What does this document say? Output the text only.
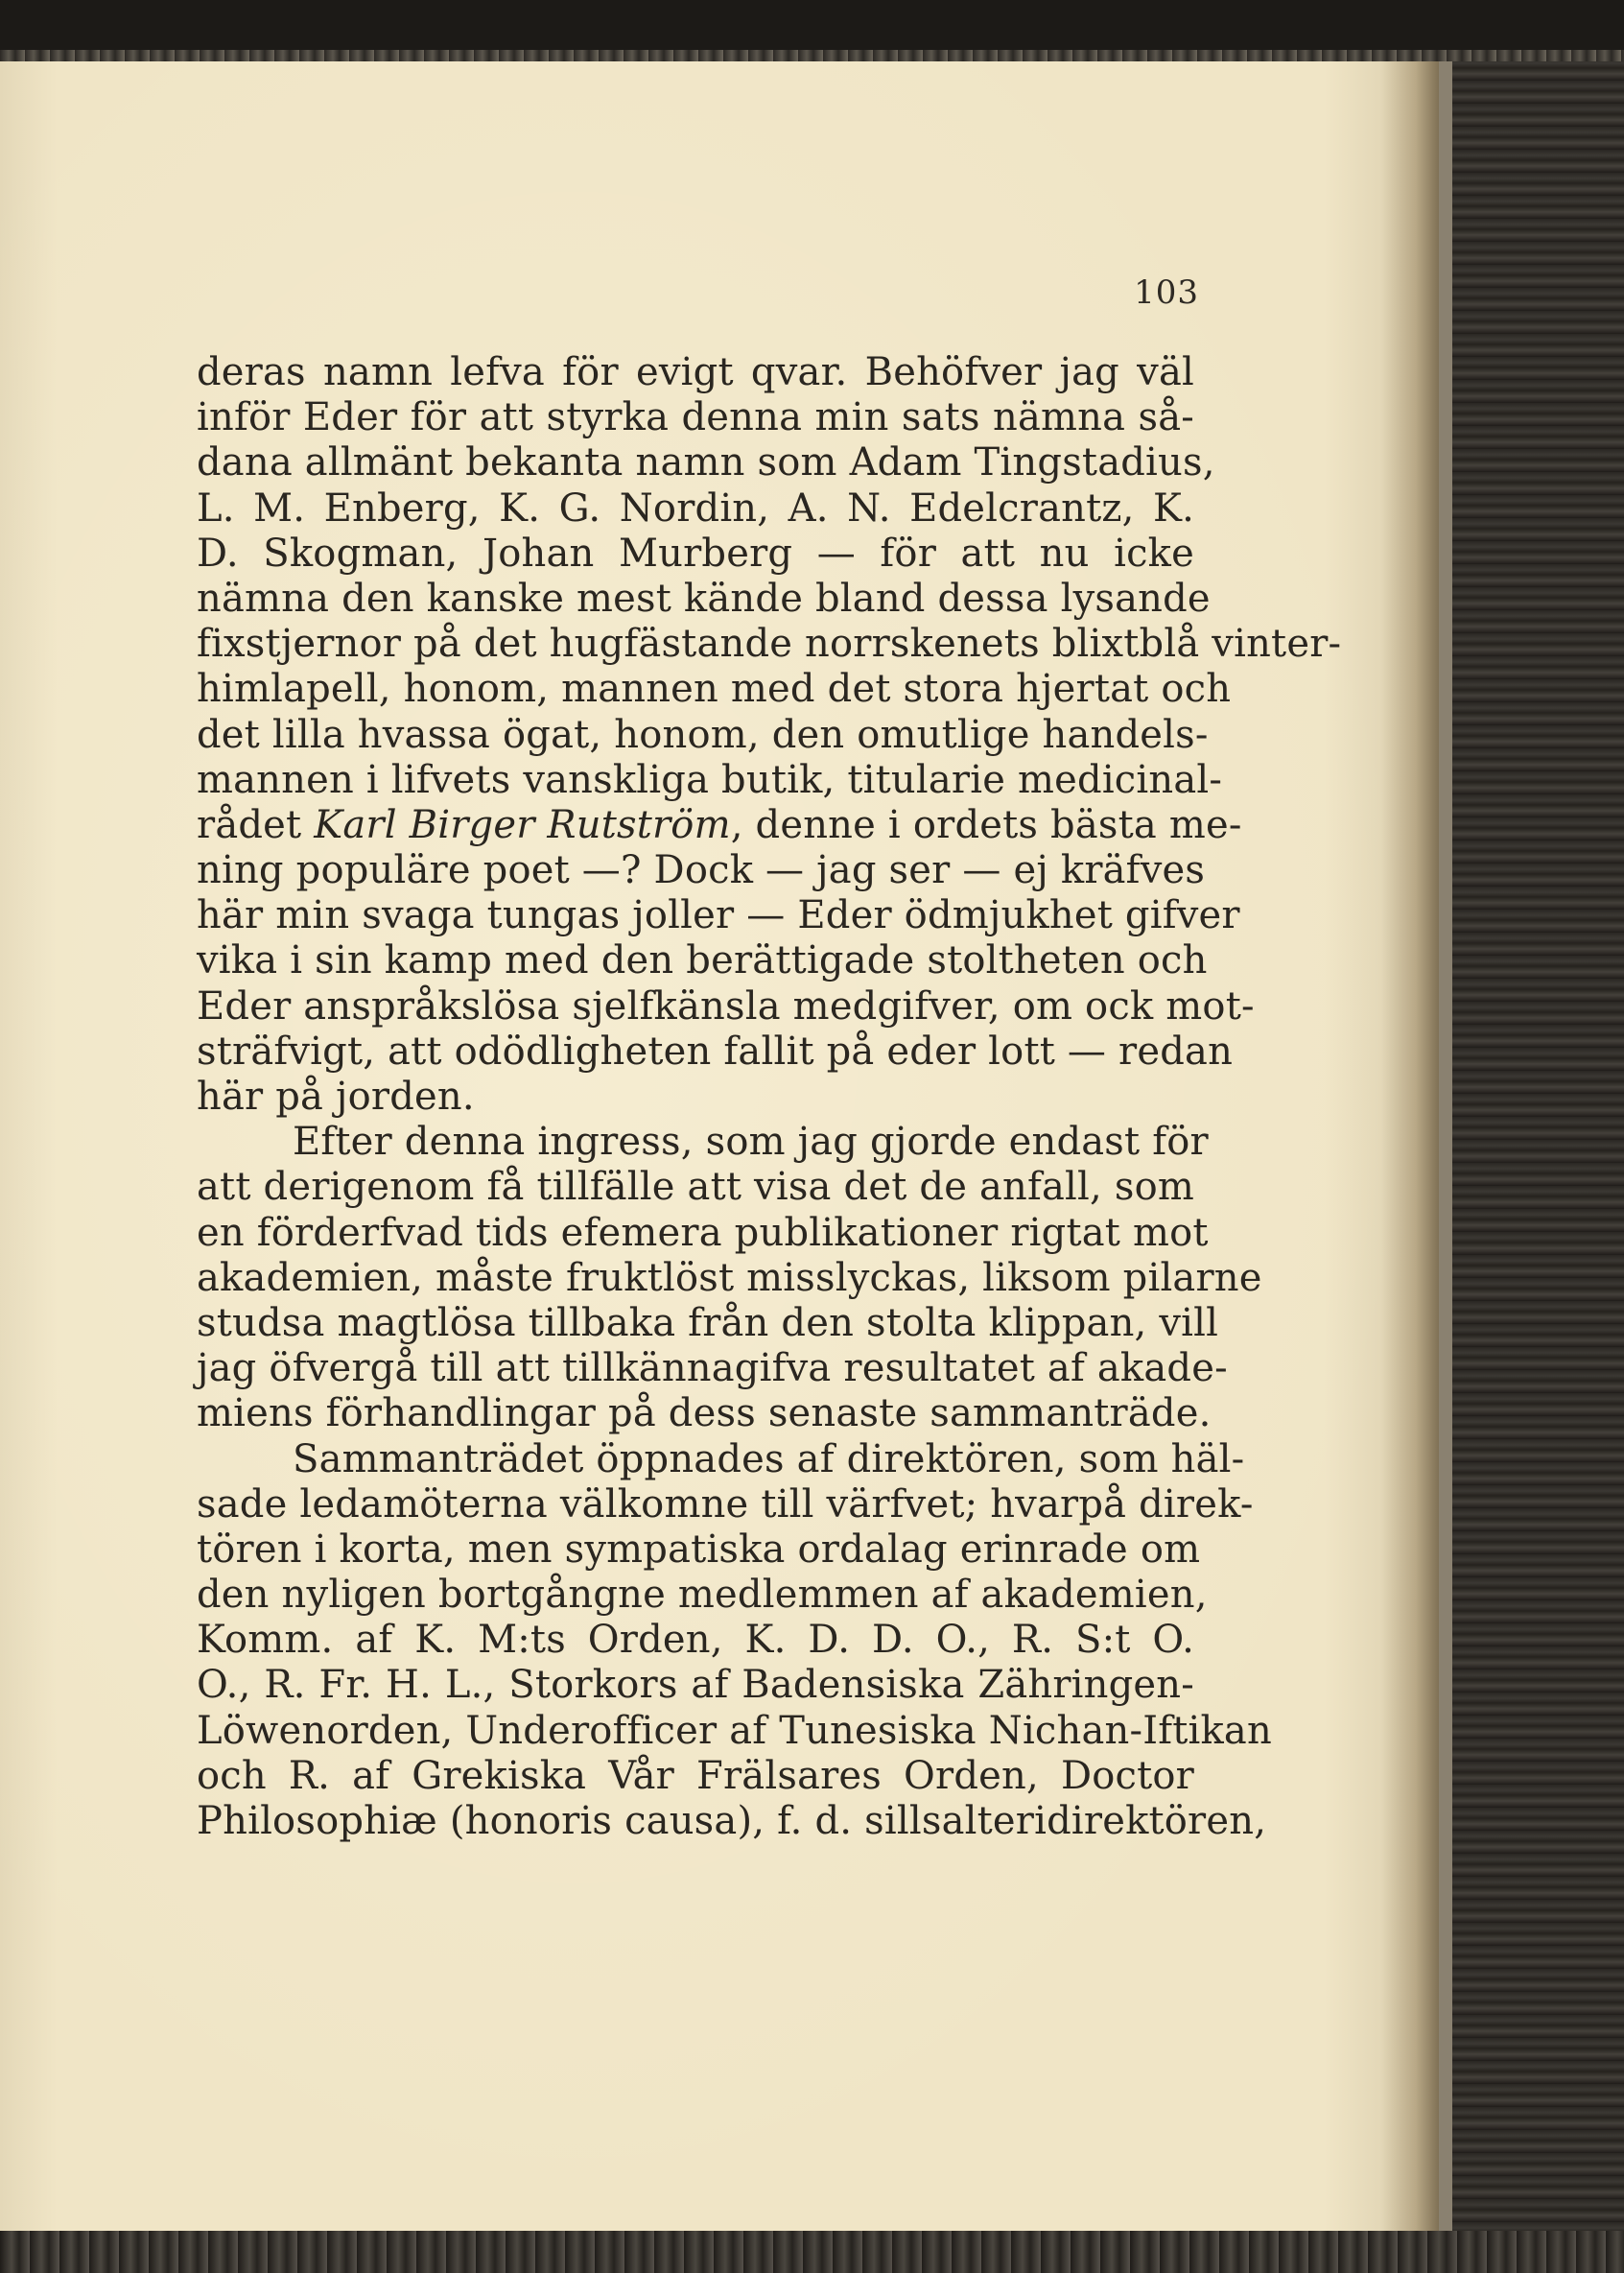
103
deras namn lefva för evigt qvar. Behöfver jag väl
inför Eder för att styrka denna min sats nämna så-
dana allmänt bekanta namn som Adam Tingstadius,
L. M. Enberg, K. G. Nordin, A. N. Edelcrantz, K.
D. Skogman, Johan Murberg — för att nu icke
nämna den kanske mest kände bland dessa lysande
fixstjernor på det hugfästande norrskenets blixtblå vinter-
himlapell, honom, mannen med det stora hjertat och
det lilla hvassa ögat, honom, den omutlige handels-
mannen i lifvets vanskliga butik, titularie medicinal-
rådet Karl Birger Rutström, denne i ordets bästa me-
ning populäre poet —? Dock — jag ser — ej kräfves
här min svaga tungas joller — Eder ödmjukhet gifver
vika i sin kamp med den berättigade stoltheten och
Eder anspråkslösa sjelfkänsla medgifver, om ock mot-
sträfvigt, att odödligheten fallit på eder lott — redan
här på jorden.
Efter denna ingress, som jag gjorde endast för
att derigenom få tillfälle att visa det de anfall, som
en förderfvad tids efemera publikationer rigtat mot
akademien, måste fruktlöst misslyckas, liksom pilarne
studsa magtlösa tillbaka från den stolta klippan, vill
jag öfvergå till att tillkännagifva resultatet af akade-
miens förhandlingar på dess senaste sammanträde.
Sammanträdet öppnades af direktören, som häl-
sade ledamöterna välkomne till värfvet; hvarpå direk-
tören i korta, men sympatiska ordalag erinrade om
den nyligen bortgångne medlemmen af akademien,
Komm. af K. M:ts Orden, K. D. D. O., R. S:t O.
O., R. Fr. H. L., Storkors af Badensiska Zähringen-
Löwenorden, Underofficer af Tunesiska Nichan-Iftikan
och R. af Grekiska Vår Frälsares Orden, Doctor
Philosophiæ (honoris causa), f. d. sillsalteridirektören,
